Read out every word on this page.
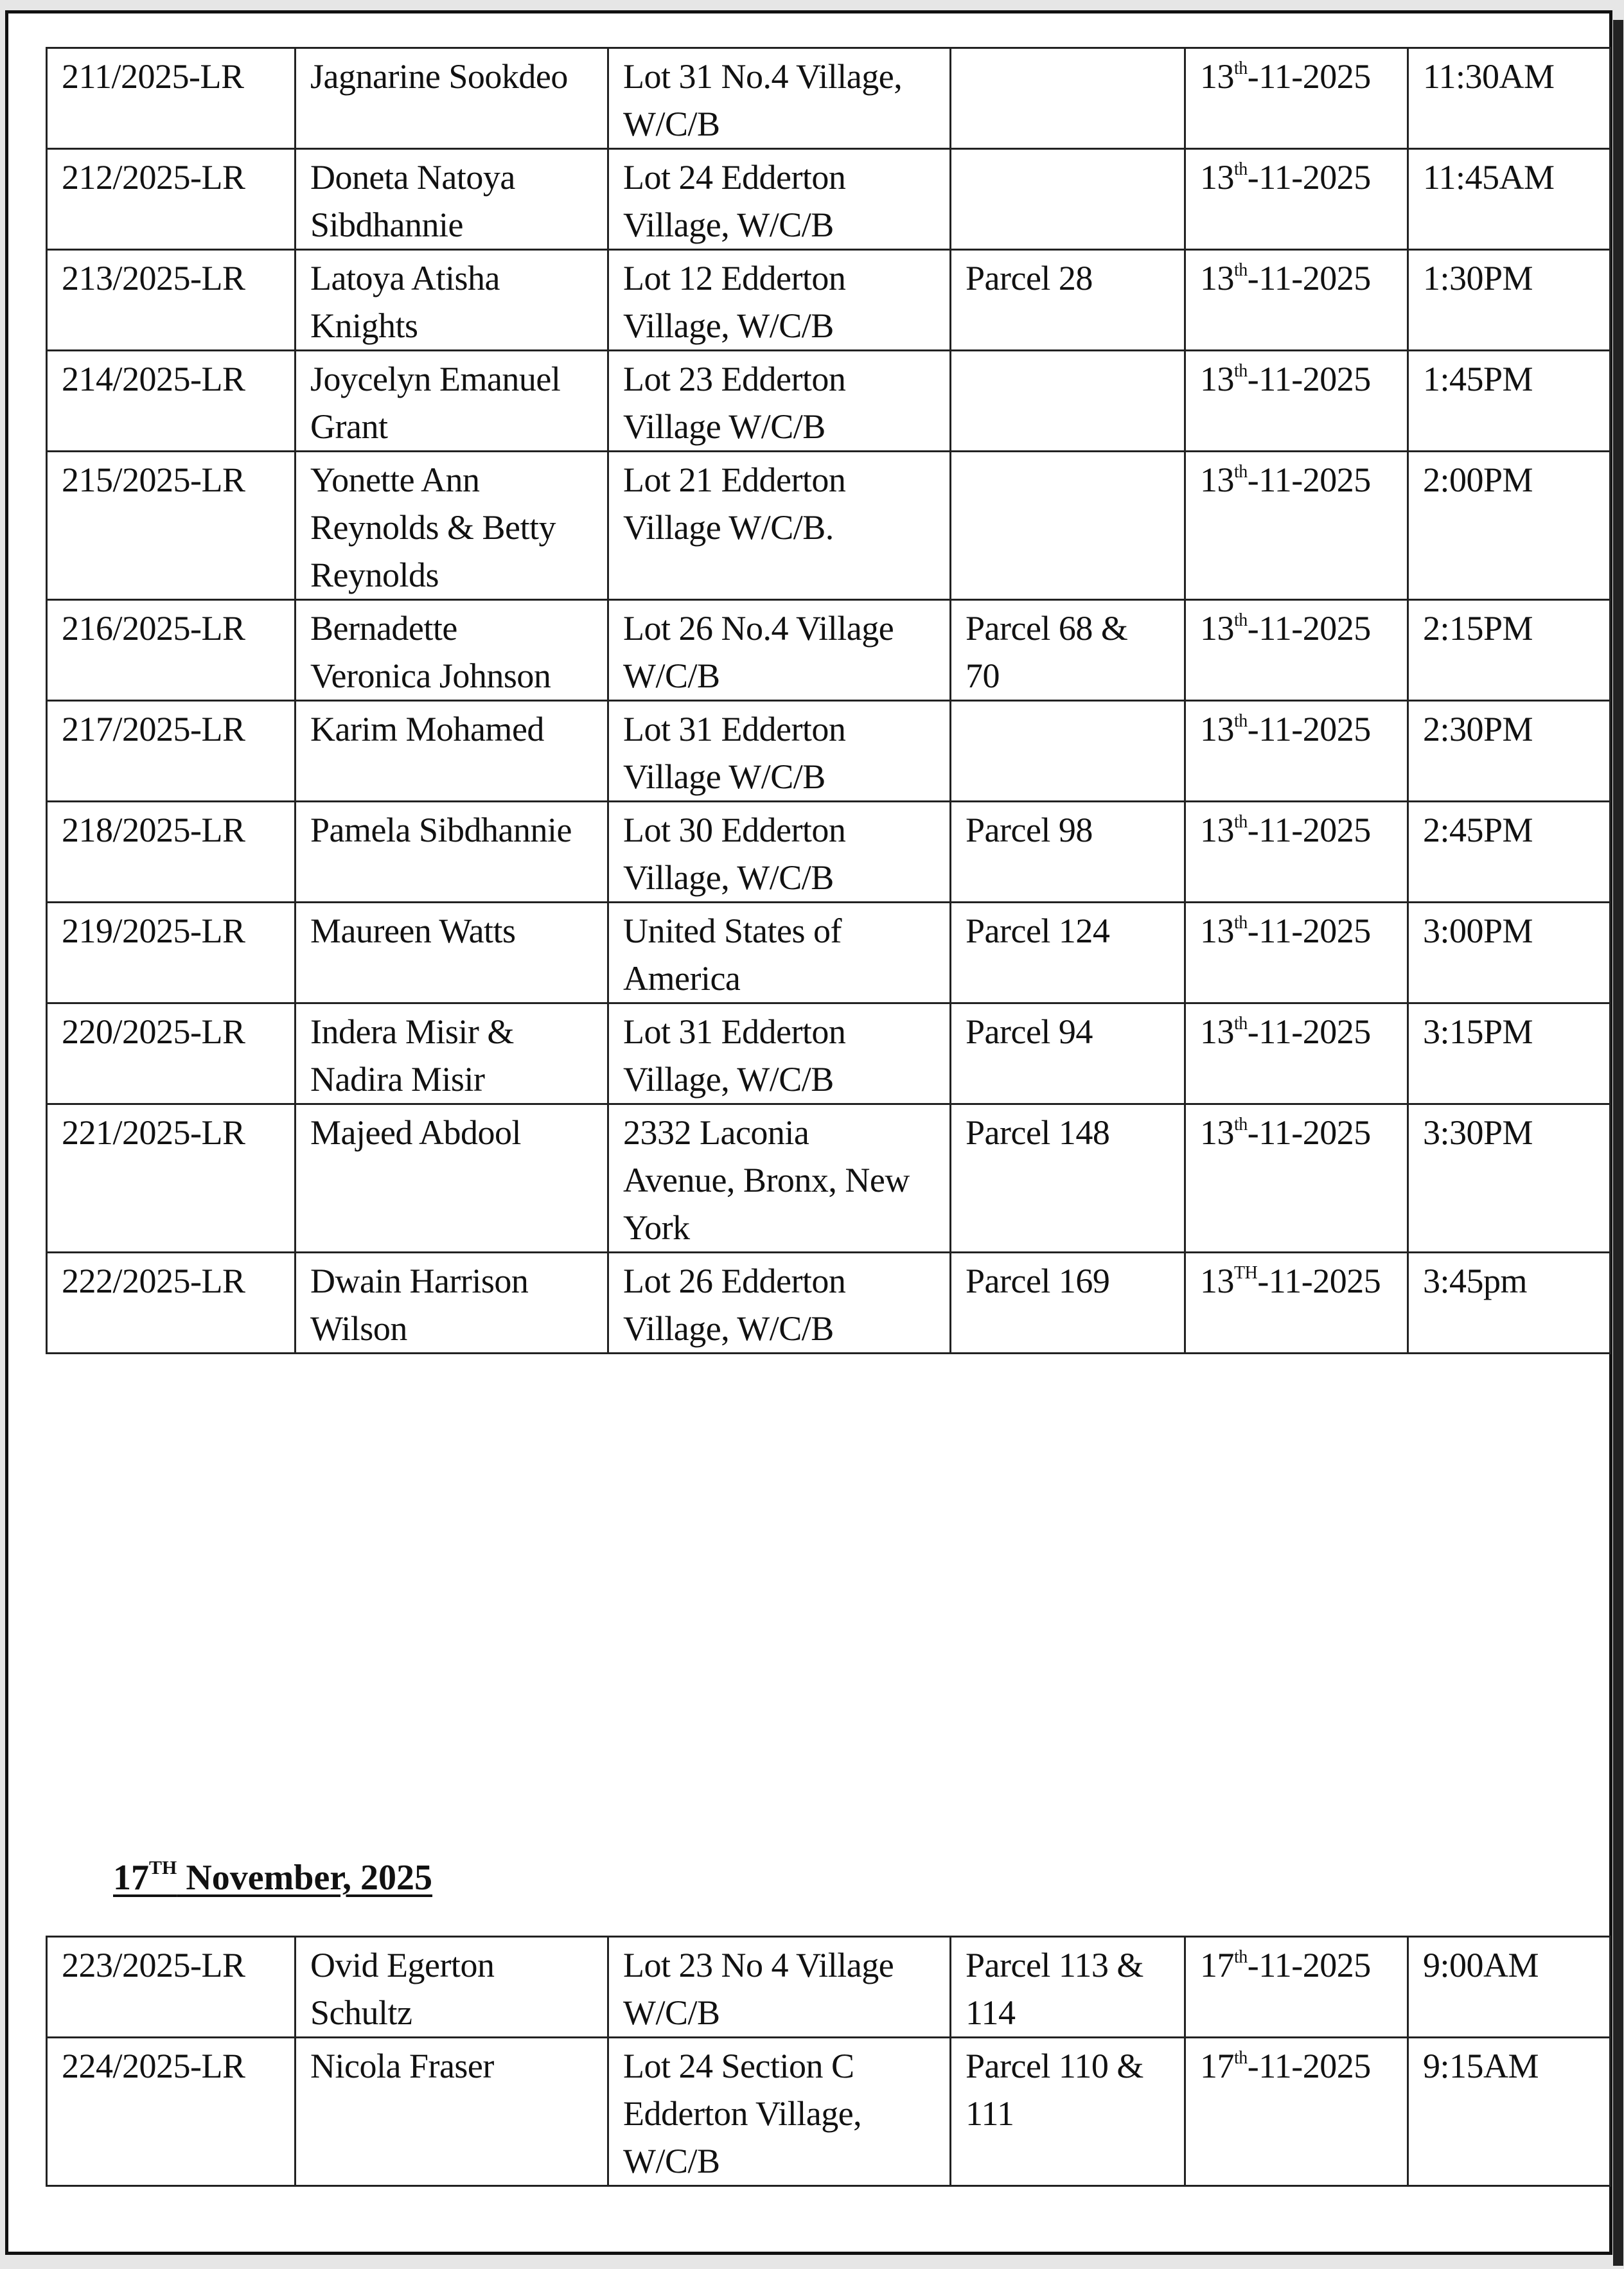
211/2025-LR	Jagnarine Sookdeo	Lot 31 No.4 Village,
W/C/B		13th-11-2025	11:30AM
212/2025-LR	Doneta Natoya
Sibdhannie	Lot 24 Edderton
Village, W/C/B		13th-11-2025	11:45AM
213/2025-LR	Latoya Atisha
Knights	Lot 12 Edderton
Village, W/C/B	Parcel 28	13th-11-2025	1:30PM
214/2025-LR	Joycelyn Emanuel
Grant	Lot 23 Edderton
Village W/C/B		13th-11-2025	1:45PM
215/2025-LR	Yonette Ann
Reynolds & Betty
Reynolds	Lot 21 Edderton
Village W/C/B.		13th-11-2025	2:00PM
216/2025-LR	Bernadette
Veronica Johnson	Lot 26 No.4 Village
W/C/B	Parcel 68 &
70	13th-11-2025	2:15PM
217/2025-LR	Karim Mohamed	Lot 31 Edderton
Village W/C/B		13th-11-2025	2:30PM
218/2025-LR	Pamela Sibdhannie	Lot 30 Edderton
Village, W/C/B	Parcel 98	13th-11-2025	2:45PM
219/2025-LR	Maureen Watts	United States of
America	Parcel 124	13th-11-2025	3:00PM
220/2025-LR	Indera Misir &
Nadira Misir	Lot 31 Edderton
Village, W/C/B	Parcel 94	13th-11-2025	3:15PM
221/2025-LR	Majeed Abdool	2332 Laconia
Avenue, Bronx, New
York	Parcel 148	13th-11-2025	3:30PM
222/2025-LR	Dwain Harrison
Wilson	Lot 26 Edderton
Village, W/C/B	Parcel 169	13TH-11-2025	3:45pm
17TH November, 2025
223/2025-LR	Ovid Egerton
Schultz	Lot 23 No 4 Village
W/C/B	Parcel 113 &
114	17th-11-2025	9:00AM
224/2025-LR	Nicola Fraser	Lot 24 Section C
Edderton Village,
W/C/B	Parcel 110 &
111	17th-11-2025	9:15AM
